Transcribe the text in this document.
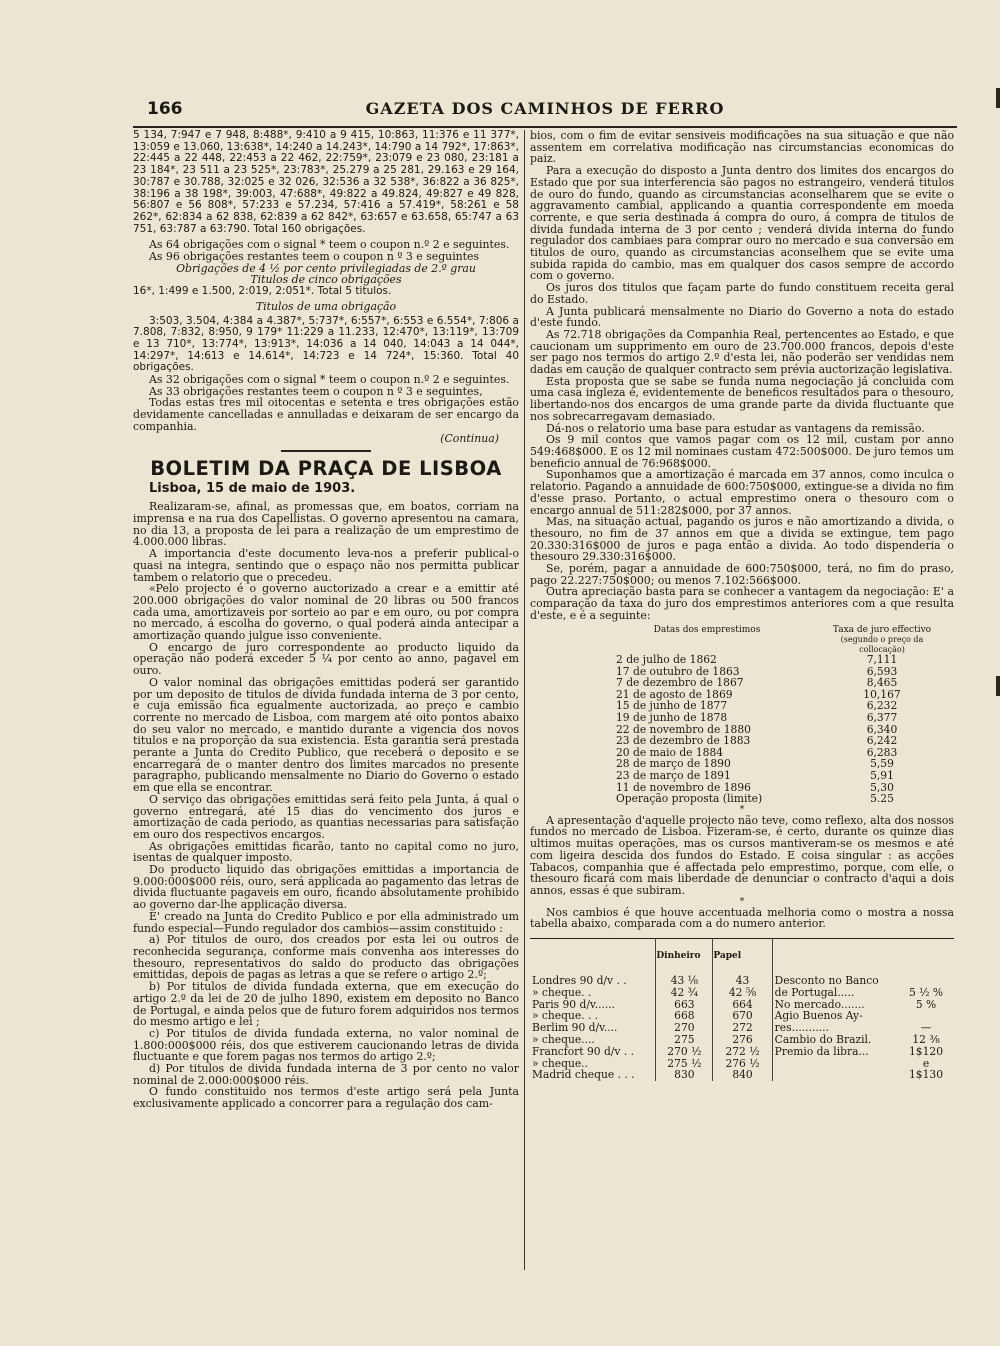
166	GAZETA DOS CAMINHOS DE FERRO

5 134, 7:947 e 7 948, 8:488*, 9:410 a 9 415, 10:863, 11:376 e 11 377*, 13:059 e 13.060, 13:638*, 14:240 a 14.243*, 14:790 a 14 792*, 17:863*, 22:445 a 22 448, 22:453 a 22 462, 22:759*, 23:079 e 23 080, 23:181 a 23 184*, 23 511 a 23 525*, 23:783*, 25.279 a 25 281, 29.163 e 29 164, 30:787 e 30.788, 32:025 e 32 026, 32:536 a 32 538*, 36:822 a 36 825*, 38:196 a 38 198*, 39:003, 47:688*, 49:822 a 49.824, 49:827 e 49 828, 56:807 e 56 808*, 57:233 e 57.234, 57:416 a 57.419*, 58:261 e 58 262*, 62:834 a 62 838, 62:839 a 62 842*, 63:657 e 63.658, 65:747 a 63 751, 63:787 a 63:790. Total 160 obrigações.

As 64 obrigações com o signal * teem o coupon n.º 2 e seguintes.

As 96 obrigações restantes teem o coupon n º 3 e seguintes

Obrigações de 4 ½ por cento privilegiadas de 2.º grau

Titulos de cinco obrigações

16*, 1:499 e 1.500, 2:019, 2:051*. Total 5 titulos.

Titulos de uma obrigação

3:503, 3.504, 4:384 a 4.387*, 5:737*, 6:557*, 6:553 e 6.554*, 7:806 a 7.808, 7:832, 8:950, 9 179* 11:229 a 11.233, 12:470*, 13:119*, 13:709 e 13 710*, 13:774*, 13:913*, 14:036 a 14 040, 14:043 a 14 044*, 14:297*, 14:613 e 14.614*, 14:723 e 14 724*, 15:360. Total 40 obrigações.

As 32 obrigações com o signal * teem o coupon n.º 2 e seguintes.

As 33 obrigações restantes teem o coupon n º 3 e seguintes,

Todas estas tres mil oitocentas e setenta e tres obrigações estão devidamente cancelladas e annulladas e deixaram de ser encargo da companhia.

(Continua)

BOLETIM DA PRAÇA DE LISBOA
Lisboa, 15 de maio de 1903.

Realizaram-se, afinal, as promessas que, em boatos, corriam na imprensa e na rua dos Capellistas. O governo apresentou na camara, no dia 13, a proposta de lei para a realização de um emprestimo de 4.000.000 libras.

A importancia d'este documento leva-nos a preferir publical-o quasi na integra, sentindo que o espaço não nos permitta publicar tambem o relatorio que o precedeu.

«Pelo projecto é o governo auctorizado a crear e a emittir até 200.000 obrigações do valor nominal de 20 libras ou 500 francos cada uma, amortizaveis por sorteio ao par e em ouro, ou por compra no mercado, á escolha do governo, o qual poderá ainda antecipar a amortização quando julgue isso conveniente.

O encargo de juro correspondente ao producto liquido da operação não poderá exceder 5 ¼ por cento ao anno, pagavel em ouro.

O valor nominal das obrigações emittidas poderá ser garantido por um deposito de titulos de divida fundada interna de 3 por cento, e cuja emissão fica egualmente auctorizada, ao preço e cambio corrente no mercado de Lisboa, com margem até oito pontos abaixo do seu valor no mercado, e mantido durante a vigencia dos novos titulos e na proporção da sua existencia. Esta garantia será prestada perante a Junta do Credito Publico, que receberá o deposito e se encarregará de o manter dentro dos limites marcados no presente paragrapho, publicando mensalmente no Diario do Governo o estado em que ella se encontrar.

O serviço das obrigações emittidas será feito pela Junta, á qual o governo entregará, até 15 dias do vencimento dos juros e amortização de cada periodo, as quantias necessarias para satisfação em ouro dos respectivos encargos.

As obrigações emittidas ficarão, tanto no capital como no juro, isentas de qualquer imposto.

Do producto liquido das obrigações emittidas a importancia de 9.000:000$000 réis, ouro, será applicada ao pagamento das letras de divida fluctuante pagaveis em ouro, ficando absolutamente prohibido ao governo dar-lhe applicação diversa.

E' creado na Junta do Credito Publico e por ella administrado um fundo especial—Fundo regulador dos cambios—assim constituido :

a) Por titulos de ouro, dos creados por esta lei ou outros de reconhecida segurança, conforme mais convenha aos interesses do thesouro, representativos do saldo do producto das obrigações emittidas, depois de pagas as letras a que se refere o artigo 2.º;

b) Por titulos de divida fundada externa, que em execução do artigo 2.º da lei de 20 de julho 1890, existem em deposito no Banco de Portugal, e ainda pelos que de futuro forem adquiridos nos termos do mesmo artigo e lei ;

c) Por titulos de divida fundada externa, no valor nominal de 1.800:000$000 réis, dos que estiverem caucionando letras de divida fluctuante e que forem pagas nos termos do artigo 2.º;

d) Por titulos de divida fundada interna de 3 por cento no valor nominal de 2.000:000$000 réis.

O fundo constituido nos termos d'este artigo será pela Junta exclusivamente applicado a concorrer para a regulação dos cam-

bios, com o fim de evitar sensiveis modificações na sua situação e que não assentem em correlativa modificação nas circumstancias economicas do paiz.

Para a execução do disposto a Junta dentro dos limites dos encargos do Estado que por sua interferencia são pagos no estrangeiro, venderá titulos de ouro do fundo, quando as circumstancias aconselharem que se evite o aggravamento cambial, applicando a quantia correspondente em moeda corrente, e que seria destinada á compra do ouro, á compra de titulos de divida fundada interna de 3 por cento ; venderá divida interna do fundo regulador dos cambiaes para comprar ouro no mercado e sua conversão em titulos de ouro, quando as circumstancias aconselhem que se evite uma subida rapida do cambio, mas em qualquer dos casos sempre de accordo com o governo.

Os juros dos titulos que façam parte do fundo constituem receita geral do Estado.

A Junta publicará mensalmente no Diario do Governo a nota do estado d'este fundo.

As 72.718 obrigações da Companhia Real, pertencentes ao Estado, e que caucionam um supprimento em ouro de 23.700.000 francos, depois d'este ser pago nos termos do artigo 2.º d'esta lei, não poderão ser vendidas nem dadas em caução de qualquer contracto sem prévia auctorização legislativa.

Esta proposta que se sabe se funda numa negociação já concluida com uma casa ingleza é, evidentemente de beneficos resultados para o thesouro, libertando-nos dos encargos de uma grande parte da divida fluctuante que nos sobrecarregavam demasiado.

Dá-nos o relatorio uma base para estudar as vantagens da remissão.

Os 9 mil contos que vamos pagar com os 12 mil, custam por anno 549:468$000. E os 12 mil nominaes custam 472:500$000. De juro temos um beneficio annual de 76:968$000.

Suponhamos que a amortização é marcada em 37 annos, como inculca o relatorio. Pagando a annuidade de 600:750$000, extingue-se a divida no fim d'esse praso. Portanto, o actual emprestimo onera o thesouro com o encargo annual de 511:282$000, por 37 annos.

Mas, na situação actual, pagando os juros e não amortizando a divida, o thesouro, no fim de 37 annos em que a divida se extingue, tem pago 20.330:316$000 de juros e paga então a divida. Ao todo dispenderia o thesouro 29.330:316$000.

Se, porém, pagar a annuidade de 600:750$000, terá, no fim do praso, pago 22.227:750$000; ou menos 7.102:566$000.

Outra apreciação basta para se conhecer a vantagem da negociação: E' a comparação da taxa do juro dos emprestimos anteriores com a que resulta d'este, e é a seguinte:

Datas dos emprestimos	Taxa de juro effectivo
(segundo o preço da collocação)

2 de julho de 1862	7,111
17 de outubro de 1863	6,593
7 de dezembro de 1867	8,465
21 de agosto de 1869	10,167
15 de junho de 1877	6,232
19 de junho de 1878	6,377
22 de novembro de 1880	6,340
23 de dezembro de 1883	6,242
20 de maio de 1884	6,283
28 de março de 1890	5,59
23 de março de 1891	5,91
11 de novembro de 1896	5,30
Operação proposta (limite)	5.25
*

A apresentação d'aquelle projecto não teve, como reflexo, alta dos nossos fundos no mercado de Lisboa. Fizeram-se, é certo, durante os quinze dias ultimos muitas operações, mas os cursos mantiveram-se os mesmos e até com ligeira descida dos fundos do Estado. E coisa singular : as acções Tabacos, companhia que é affectada pelo emprestimo, porque, com elle, o thesouro ficará com mais liberdade de denunciar o contracto d'aqui a dois annos, essas é que subiram.

*

Nos cambios é que houve accentuada melhoria como o mostra a nossa tabella abaixo, comparada com a do numero anterior.

	Dinheiro	Papel		
Londres 90 d/v . .	43 ⅛	43	Desconto no Banco	
» cheque. .	42 ¾	42 ⅝	de Portugal.....	5 ½ %
Paris 90 d/v......	663	664	No mercado.......	5 %
» cheque. . .	668	670	Agio Buenos Ay-	
Berlim 90 d/v....	270	272	res...........	—
» cheque....	275	276	Cambio do Brazil.	12 ⅜
Francfort 90 d/v . .	270 ½	272 ½	Premio da libra...	1$120
» cheque..	275 ½	276 ½		e
Madrid cheque . . .	830	840		1$130
